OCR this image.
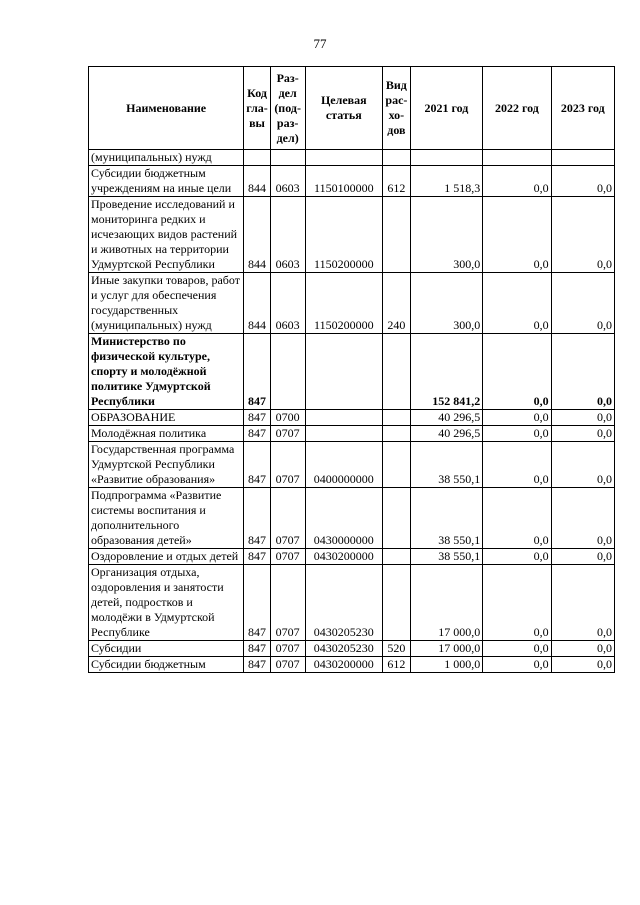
77
Наименование	Код гла-вы	Раз-дел (под-раз-дел)	Целевая статья	Вид рас-хо-дов	2021 год	2022 год	2023 год
(муниципальных) нужд							
Субсидии бюджетным учреждениям на иные цели	844	0603	1150100000	612	1 518,3	0,0	0,0
Проведение исследований и мониторинга редких и исчезающих видов растений и животных на территории Удмуртской Республики	844	0603	1150200000		300,0	0,0	0,0
Иные закупки товаров, работ и услуг для обеспечения государственных (муниципальных) нужд	844	0603	1150200000	240	300,0	0,0	0,0
Министерство по физической культуре, спорту и молодёжной политике Удмуртской Республики	847				152 841,2	0,0	0,0
ОБРАЗОВАНИЕ	847	0700			40 296,5	0,0	0,0
Молодёжная политика	847	0707			40 296,5	0,0	0,0
Государственная программа Удмуртской Республики «Развитие образования»	847	0707	0400000000		38 550,1	0,0	0,0
Подпрограмма «Развитие системы воспитания и дополнительного образования детей»	847	0707	0430000000		38 550,1	0,0	0,0
Оздоровление и отдых детей	847	0707	0430200000		38 550,1	0,0	0,0
Организация отдыха, оздоровления и занятости детей, подростков и молодёжи в Удмуртской Республике	847	0707	0430205230		17 000,0	0,0	0,0
Субсидии	847	0707	0430205230	520	17 000,0	0,0	0,0
Субсидии бюджетным	847	0707	0430200000	612	1 000,0	0,0	0,0
